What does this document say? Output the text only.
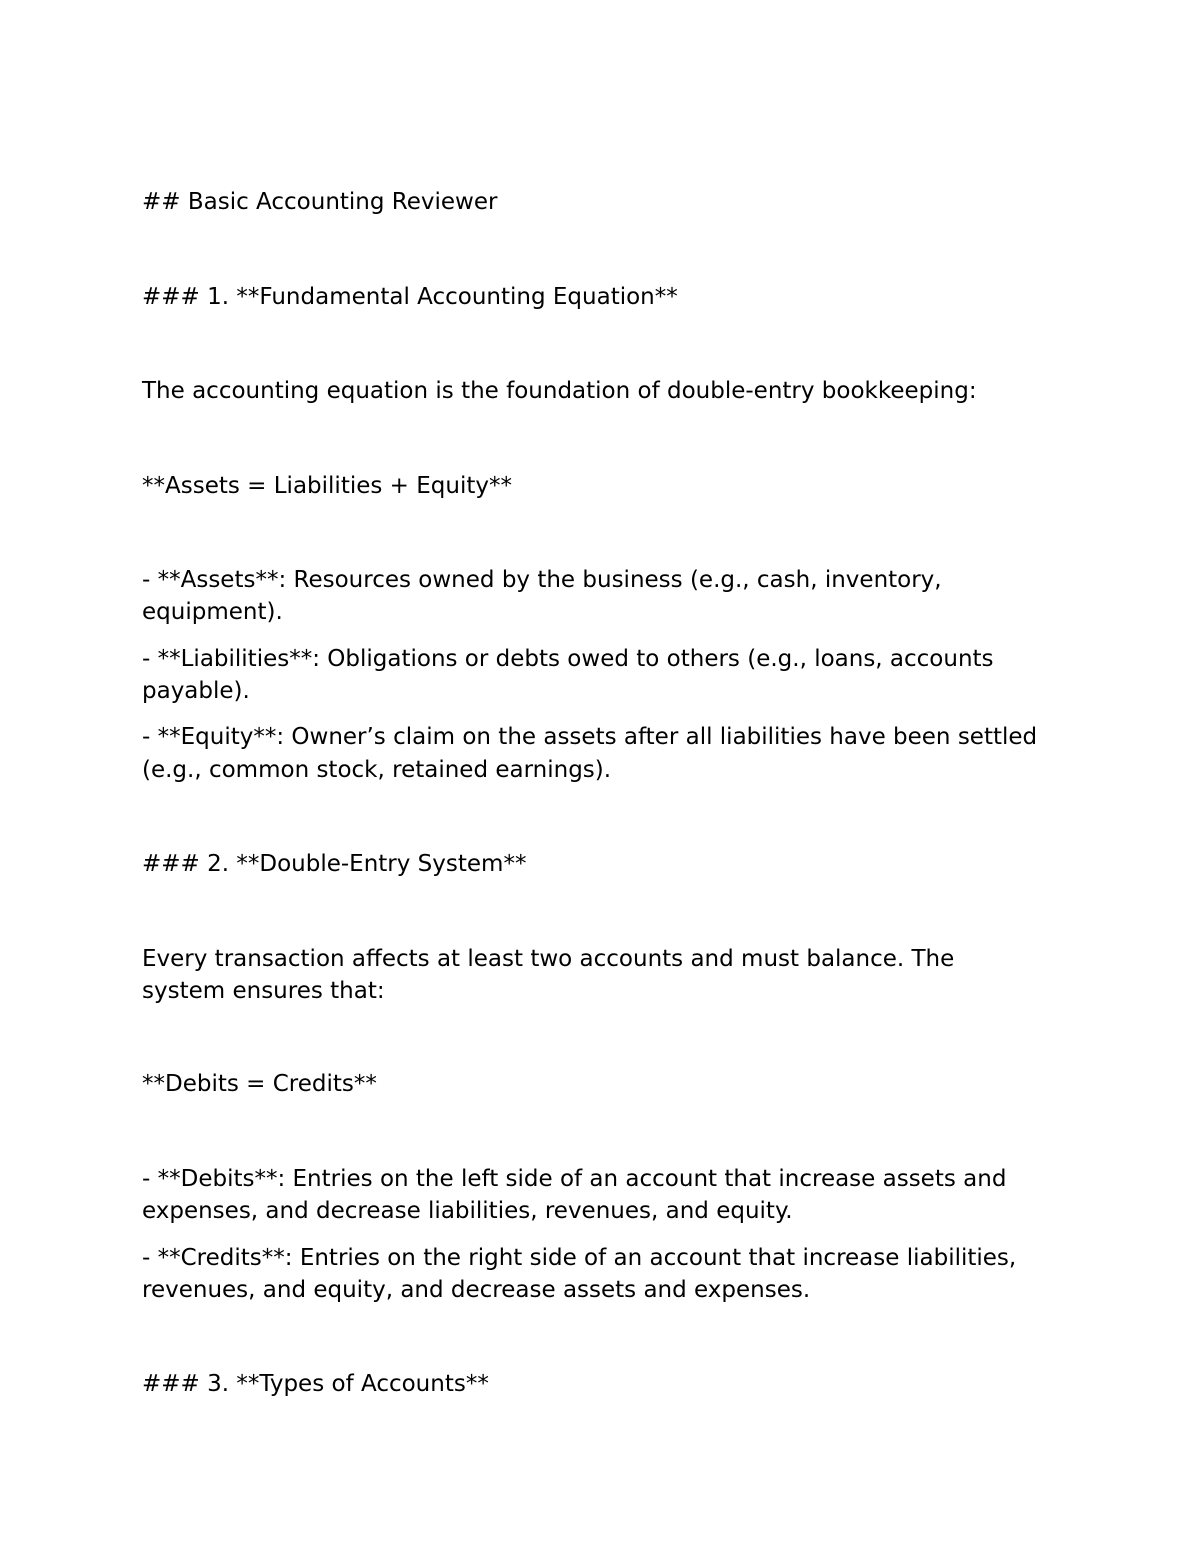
## Basic Accounting Reviewer

### 1. **Fundamental Accounting Equation**

The accounting equation is the foundation of double-entry bookkeeping:

**Assets = Liabilities + Equity**

- **Assets**: Resources owned by the business (e.g., cash, inventory,

equipment).

- **Liabilities**: Obligations or debts owed to others (e.g., loans, accounts

payable).

- **Equity**: Owner’s claim on the assets after all liabilities have been settled

(e.g., common stock, retained earnings).

### 2. **Double-Entry System**

Every transaction affects at least two accounts and must balance. The

system ensures that:

**Debits = Credits**

- **Debits**: Entries on the left side of an account that increase assets and

expenses, and decrease liabilities, revenues, and equity.

- **Credits**: Entries on the right side of an account that increase liabilities,

revenues, and equity, and decrease assets and expenses.

### 3. **Types of Accounts**
